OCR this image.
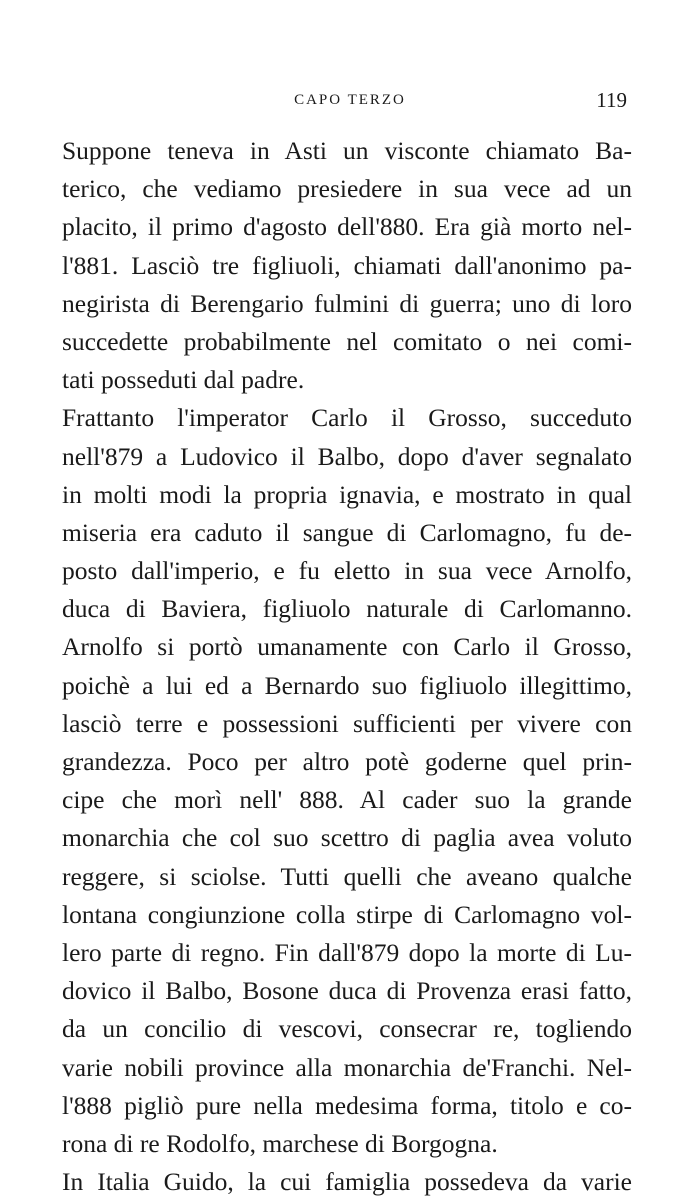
CAPO TERZO	119
Suppone teneva in Asti un visconte chiamato Ba-
terico, che vediamo presiedere in sua vece ad un
placito, il primo d'agosto dell'880. Era già morto nel-
l'881. Lasciò tre figliuoli, chiamati dall'anonimo pa-
negirista di Berengario fulmini di guerra; uno di loro
succedette probabilmente nel comitato o nei comi-
tati posseduti dal padre.
Frattanto l'imperator Carlo il Grosso, succeduto
nell'879 a Ludovico il Balbo, dopo d'aver segnalato
in molti modi la propria ignavia, e mostrato in qual
miseria era caduto il sangue di Carlomagno, fu de-
posto dall'imperio, e fu eletto in sua vece Arnolfo,
duca di Baviera, figliuolo naturale di Carlomanno.
Arnolfo si portò umanamente con Carlo il Grosso,
poichè a lui ed a Bernardo suo figliuolo illegittimo,
lasciò terre e possessioni sufficienti per vivere con
grandezza. Poco per altro potè goderne quel prin-
cipe che morì nell' 888. Al cader suo la grande
monarchia che col suo scettro di paglia avea voluto
reggere, si sciolse. Tutti quelli che aveano qualche
lontana congiunzione colla stirpe di Carlomagno vol-
lero parte di regno. Fin dall'879 dopo la morte di Lu-
dovico il Balbo, Bosone duca di Provenza erasi fatto,
da un concilio di vescovi, consecrar re, togliendo
varie nobili province alla monarchia de'Franchi. Nel-
l'888 pigliò pure nella medesima forma, titolo e co-
rona di re Rodolfo, marchese di Borgogna.
In Italia Guido, la cui famiglia possedeva da varie
